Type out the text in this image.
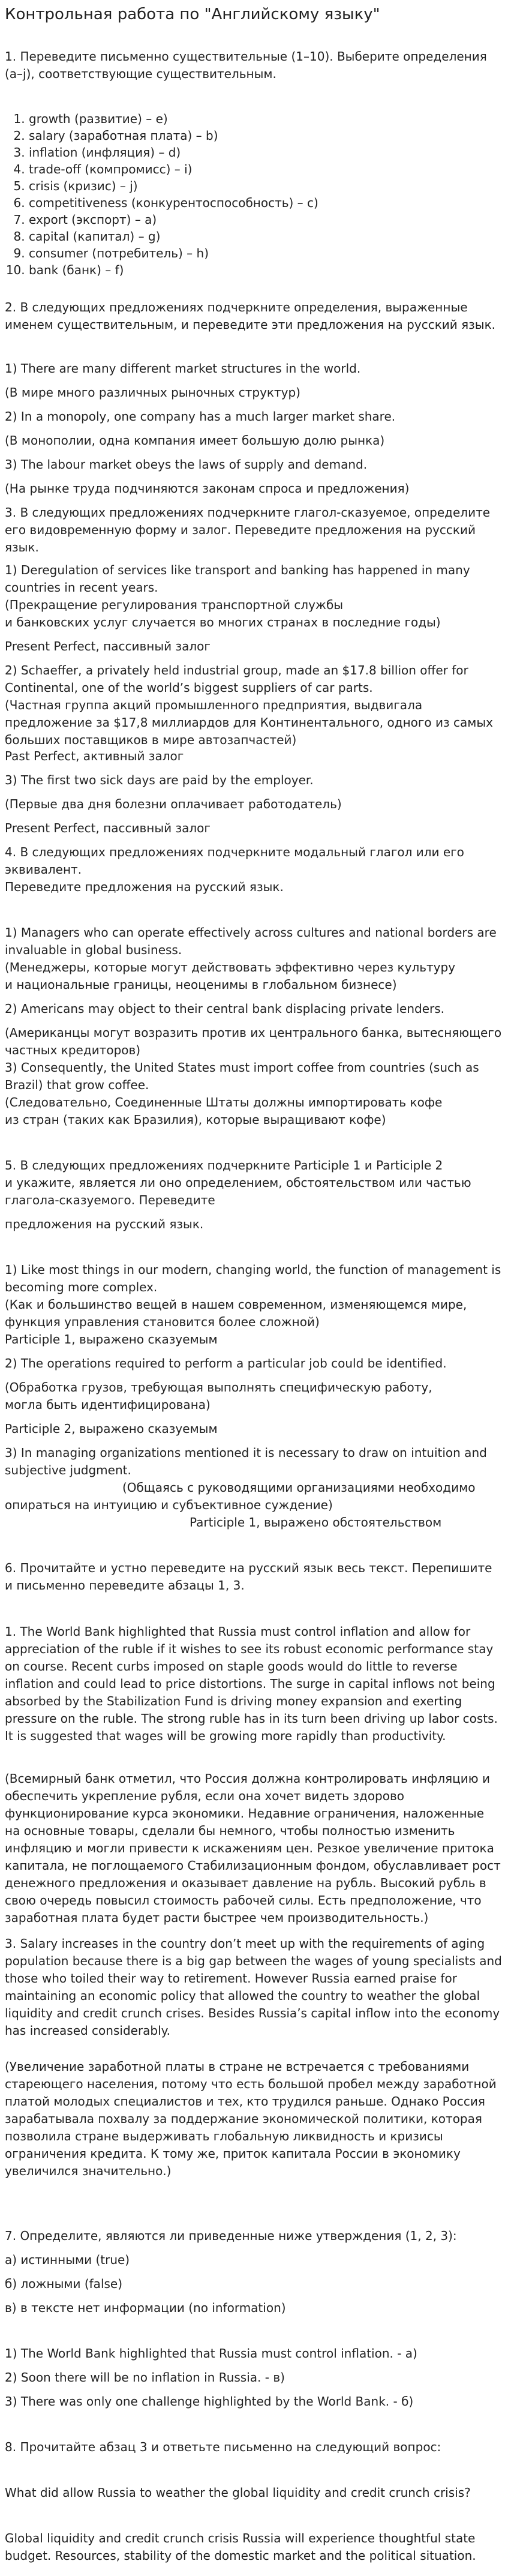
Контрольная работа по "Английскому языку"

1. Переведите письменно существительные (1–10). Выберите определения (a–j), соответствующие существительным.

1. growth (развитие) – e)
2. salary (заработная плата) – b)
3. inflation (инфляция) – d)
4. trade-off (компромисс) – i)
5. crisis (кризис) – j)
6. competitiveness (конкурентоспособность) – c)
7. export (экспорт) – a)
8. capital (капитал) – g)
9. consumer (потребитель) – h)
10. bank (банк) – f)

2. В следующих предложениях подчеркните определения, выраженные именем существительным, и переведите эти предложения на русский язык.

1) There are many different market structures in the world.

(В мире много различных рыночных структур)

2) In a monopoly, one company has a much larger market share.

(В монополии, одна компания имеет большую долю рынка)

3) The labour market obeys the laws of supply and demand.

(На рынке труда подчиняются законам спроса и предложения)

3. В следующих предложениях подчеркните глагол-сказуемое, определите его видовременную форму и залог. Переведите предложения на русский язык.

1) Deregulation of services like transport and banking has happened in many countries in recent years.

(Прекращение регулирования транспортной службы

и банковских услуг случается во многих странах в последние годы)

Present Perfect, пассивный залог

2) Schaeffer, a privately held industrial group, made an $17.8 billion offer for Continental, one of the world’s biggest suppliers of car parts.

(Частная группа акций промышленного предприятия, выдвигала предложение за $17,8 миллиардов для Континентального, одного из самых больших поставщиков в мире автозапчастей)

Past Perfect, активный залог

3) The first two sick days are paid by the employer.

(Первые два дня болезни оплачивает работодатель)

Present Perfect, пассивный залог

4. В следующих предложениях подчеркните модальный глагол или его эквивалент.

Переведите предложения на русский язык.

1) Managers who can operate effectively across cultures and national borders are invaluable in global business.

(Менеджеры, которые могут действовать эффективно через культуру

и национальные границы, неоценимы в глобальном бизнесе)

2) Americans may object to their central bank displacing private lenders.

(Американцы могут возразить против их центрального банка, вытесняющего частных кредиторов)

3) Consequently, the United States must import coffee from countries (such as Brazil) that grow coffee.

(Следовательно, Соединенные Штаты должны импортировать кофе

из стран (таких как Бразилия), которые выращивают кофе)

5. В следующих предложениях подчеркните Participle 1 и Participle 2

и укажите, является ли оно определением, обстоятельством или частью глагола-сказуемого. Переведите

предложения на русский язык.

1) Like most things in our modern, changing world, the function of management is becoming more complex.

(Как и большинство вещей в нашем современном, изменяющемся мире, функция управления становится более сложной)

Participle 1, выражено сказуемым

2) The operations required to perform a particular job could be identified.

(Обработка грузов, требующая выполнять специфическую работу,

могла быть идентифицирована)

Participle 2, выражено сказуемым

3) In managing organizations mentioned it is necessary to draw on intuition and subjective judgment.

(Общаясь с руководящими организациями необходимо

опираться на интуицию и субъективное суждение)

Participle 1, выражено обстоятельством

6. Прочитайте и устно переведите на русский язык весь текст. Перепишите и письменно переведите абзацы 1, 3.

1. The World Bank highlighted that Russia must control inflation and allow for appreciation of the ruble if it wishes to see its robust economic performance stay on course. Recent curbs imposed on staple goods would do little to reverse inflation and could lead to price distortions. The surge in capital inflows not being absorbed by the Stabilization Fund is driving money expansion and exerting pressure on the ruble. The strong ruble has in its turn been driving up labor costs. It is suggested that wages will be growing more rapidly than productivity.

(Всемирный банк отметил, что Россия должна контролировать инфляцию и обеспечить укрепление рубля, если она хочет видеть здорово функционирование курса экономики. Недавние ограничения, наложенные на основные товары, сделали бы немного, чтобы полностью изменить инфляцию и могли привести к искажениям цен. Резкое увеличение притока капитала, не поглощаемого Стабилизационным фондом, обуславливает рост денежного предложения и оказывает давление на рубль. Высокий рубль в свою очередь повысил стоимость рабочей силы. Есть предположение, что заработная плата будет расти быстрее чем производительность.)

3. Salary increases in the country don’t meet up with the requirements of aging population because there is a big gap between the wages of young specialists and those who toiled their way to retirement. However Russia earned praise for maintaining an economic policy that allowed the country to weather the global liquidity and credit crunch crises. Besides Russia’s capital inflow into the economy has increased considerably.

(Увеличение заработной платы в стране не встречается с требованиями стареющего населения, потому что есть большой пробел между заработной платой молодых специалистов и тех, кто трудился раньше. Однако Россия зарабатывала похвалу за поддержание экономической политики, которая позволила стране выдерживать глобальную ликвидность и кризисы ограничения кредита. К тому же, приток капитала России в экономику увеличился значительно.)

7. Определите, являются ли приведенные ниже утверждения (1, 2, 3):

а) истинными (true)

б) ложными (false)

в) в тексте нет информации (no information)

1) The World Bank highlighted that Russia must control inflation. - а)

2) Soon there will be no inflation in Russia. - в)

3) There was only one challenge highlighted by the World Bank. - б)

8. Прочитайте абзац 3 и ответьте письменно на следующий вопрос:

What did allow Russia to weather the global liquidity and credit crunch crisis?

Global liquidity and credit crunch crisis Russia will experience thoughtful state budget. Resources, stability of the domestic market and the political situation.
